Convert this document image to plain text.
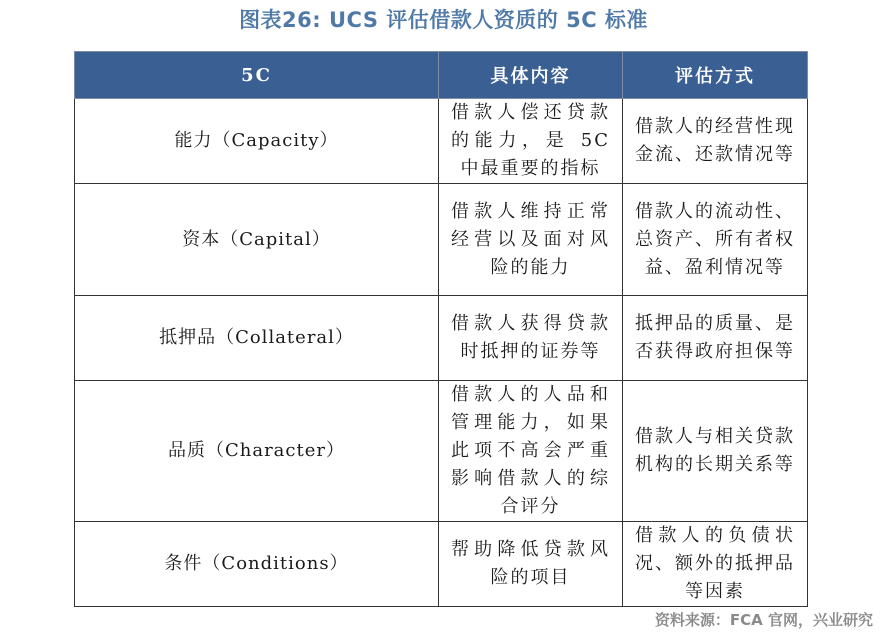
图表26: UCS 评估借款人资质的 5C 标准
5C	具体内容	评估方式
能力（Capacity）	借款人偿还贷款的能力，是 5C 中最重要的指标	借款人的经营性现金流、还款情况等
资本（Capital）	借款人维持正常经营以及面对风险的能力	借款人的流动性、总资产、所有者权益、盈利情况等
抵押品（Collateral）	借款人获得贷款时抵押的证券等	抵押品的质量、是否获得政府担保等
品质（Character）	借款人的人品和管理能力，如果此项不高会严重影响借款人的综合评分	借款人与相关贷款机构的长期关系等
条件（Conditions）	帮助降低贷款风险的项目	借款人的负债状况、额外的抵押品等因素
资料来源：FCA 官网，兴业研究
